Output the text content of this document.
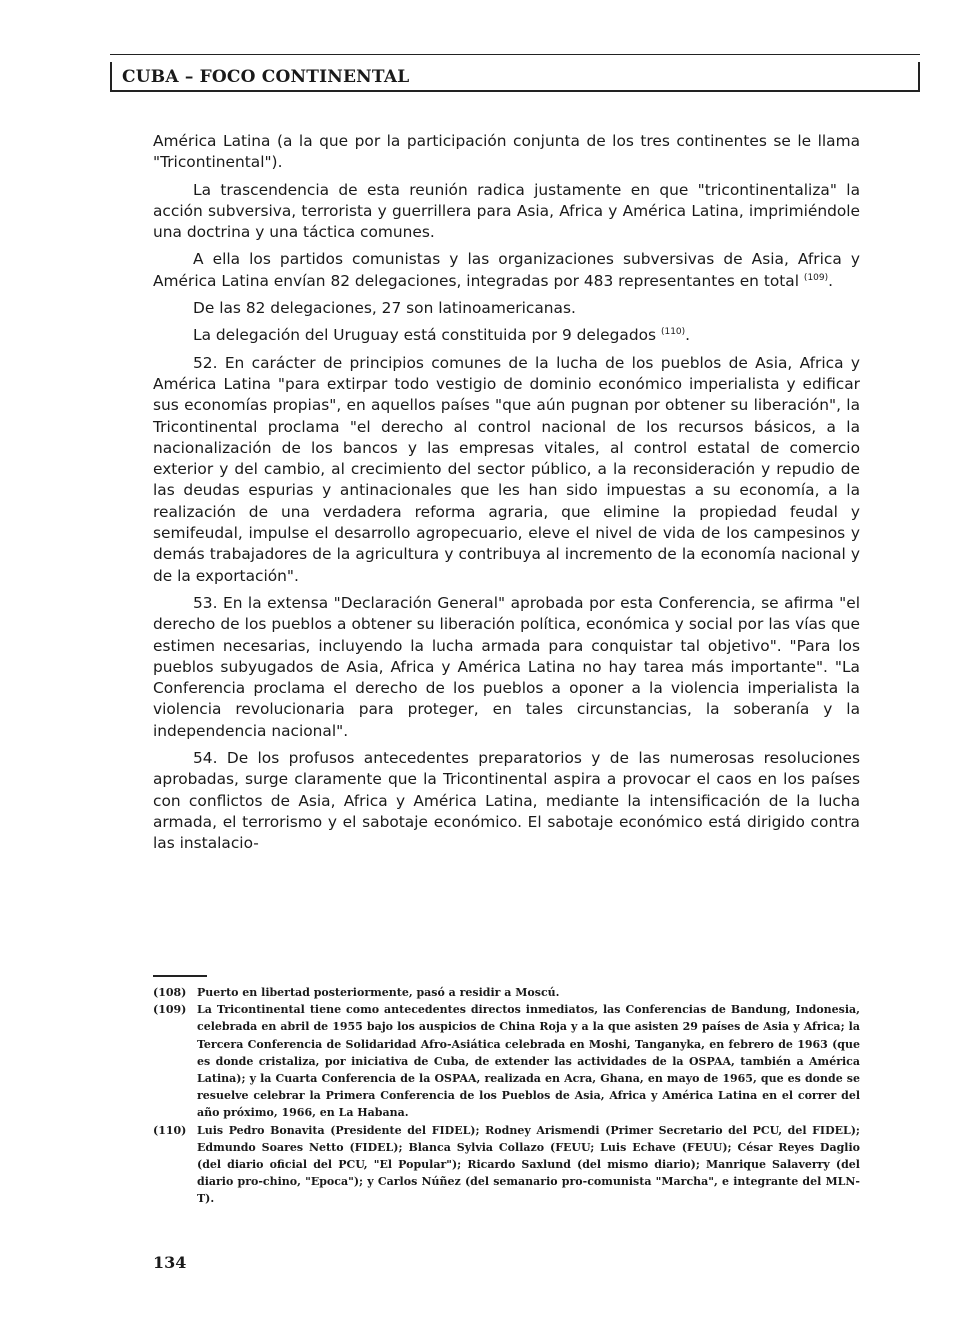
CUBA – FOCO CONTINENTAL

América Latina (a la que por la participación conjunta de los tres continentes se le llama "Tricontinental").

La trascendencia de esta reunión radica justamente en que "tricontinentaliza" la acción subversiva, terrorista y guerrillera para Asia, Africa y América Latina, imprimiéndole una doctrina y una táctica comunes.

A ella los partidos comunistas y las organizaciones subversivas de Asia, Africa y América Latina envían 82 delegaciones, integradas por 483 representantes en total $^{(109)}$.

De las 82 delegaciones, 27 son latinoamericanas.

La delegación del Uruguay está constituida por 9 delegados $^{(110)}$.

52. En carácter de principios comunes de la lucha de los pueblos de Asia, Africa y América Latina "para extirpar todo vestigio de dominio económico imperialista y edificar sus economías propias", en aquellos países "que aún pugnan por obtener su liberación", la Tricontinental proclama "el derecho al control nacional de los recursos básicos, a la nacionalización de los bancos y las empresas vitales, al control estatal de comercio exterior y del cambio, al crecimiento del sector público, a la reconsideración y repudio de las deudas espurias y antinacionales que les han sido impuestas a su economía, a la realización de una verdadera reforma agraria, que elimine la propiedad feudal y semifeudal, impulse el desarrollo agropecuario, eleve el nivel de vida de los campesinos y demás trabajadores de la agricultura y contribuya al incremento de la economía nacional y de la exportación".

53. En la extensa "Declaración General" aprobada por esta Conferencia, se afirma "el derecho de los pueblos a obtener su liberación política, económica y social por las vías que estimen necesarias, incluyendo la lucha armada para conquistar tal objetivo". "Para los pueblos subyugados de Asia, Africa y América Latina no hay tarea más importante". "La Conferencia proclama el derecho de los pueblos a oponer a la violencia imperialista la violencia revolucionaria para proteger, en tales circunstancias, la soberanía y la independencia nacional".

54. De los profusos antecedentes preparatorios y de las numerosas resoluciones aprobadas, surge claramente que la Tricontinental aspira a provocar el caos en los países con conflictos de Asia, Africa y América Latina, mediante la intensificación de la lucha armada, el terrorismo y el sabotaje económico. El sabotaje económico está dirigido contra las instalacio-

(108) Puerto en libertad posteriormente, pasó a residir a Moscú.
(109) La Tricontinental tiene como antecedentes directos inmediatos, las Conferencias de Bandung, Indonesia, celebrada en abril de 1955 bajo los auspicios de China Roja y a la que asisten 29 países de Asia y Africa; la Tercera Conferencia de Solidaridad Afro-Asiática celebrada en Moshi, Tanganyka, en febrero de 1963 (que es donde cristaliza, por iniciativa de Cuba, de extender las actividades de la OSPAA, también a América Latina); y la Cuarta Conferencia de la OSPAA, realizada en Acra, Ghana, en mayo de 1965, que es donde se resuelve celebrar la Primera Conferencia de los Pueblos de Asia, Africa y América Latina en el correr del año próximo, 1966, en La Habana.
(110) Luis Pedro Bonavita (Presidente del FIDEL); Rodney Arismendi (Primer Secretario del PCU, del FIDEL); Edmundo Soares Netto (FIDEL); Blanca Sylvia Collazo (FEUU; Luis Echave (FEUU); César Reyes Daglio (del diario oficial del PCU, "El Popular"); Ricardo Saxlund (del mismo diario); Manrique Salaverry (del diario pro-chino, "Epoca"); y Carlos Núñez (del semanario pro-comunista "Marcha", e integrante del MLN-T).
134
